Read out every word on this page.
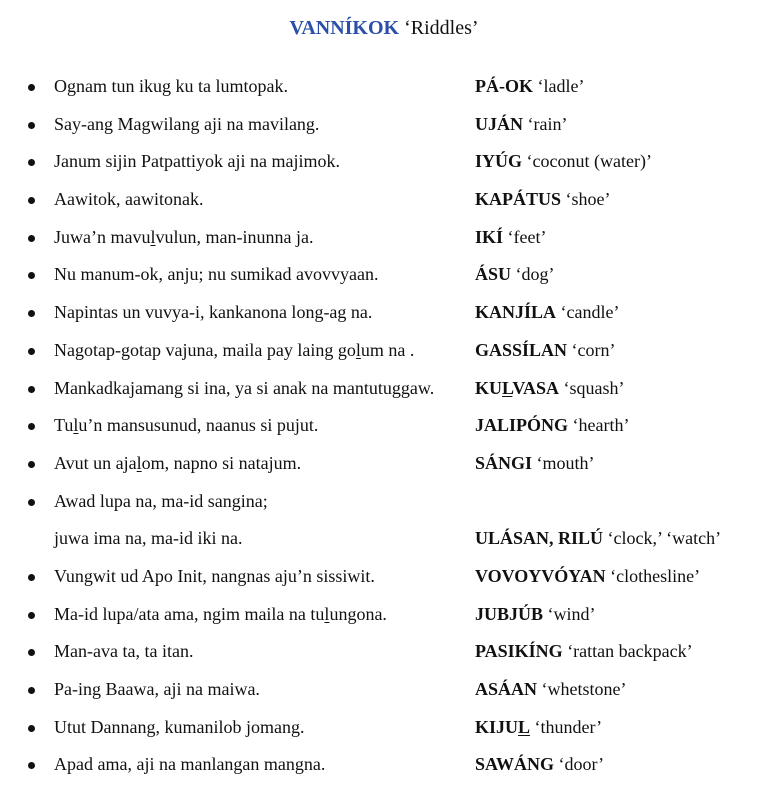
VANNÍKOK ‘Riddles’
Ognam tun ikug ku ta lumtopak.	PÁ-OK ‘ladle’
Say-ang Magwilang aji na mavilang.	UJÁN ‘rain’
Janum sijin Patpattiyok aji na majimok.	IYÚG ‘coconut (water)’
Aawitok, aawitonak.	KAPÁTUS ‘shoe’
Juwa’n mavulvulun, man-inunna ja.	IKÍ ‘feet’
Nu manum-ok, anju; nu sumikad avovvyaan.	ÁSU ‘dog’
Napintas un vuvya-i, kankanona long-ag na.	KANJÍLA ‘candle’
Nagotap-gotap vajuna, maila pay laing golum na .	GASSÍLAN ‘corn’
Mankadkajamang si ina, ya si anak na mantutuggaw. KULVASA ‘squash’
Tulu’n mansusunud, naanus si pujut.	JALIPÓNG ‘hearth’
Avut un ajalom, napno si natajum.	SÁNGI ‘mouth’
Awad lupa na, ma-id sangina;
juwa ima na, ma-id iki na.	ULÁSAN, RILÚ ‘clock,’ ‘watch’
Vungwit ud Apo Init, nangnas aju’n sissiwit.	VOVOYVÓYAN ‘clothesline’
Ma-id lupa/ata ama, ngim maila na tulungona.	JUBJÚB ‘wind’
Man-ava ta, ta itan.	PASIKÍNG ‘rattan backpack’
Pa-ing Baawa, aji na maiwa.	ASÁAN ‘whetstone’
Utut Dannang, kumanilob jomang.	KIJUL ‘thunder’
Apad ama, aji na manlangan mangna.	SAWÁNG ‘door’
